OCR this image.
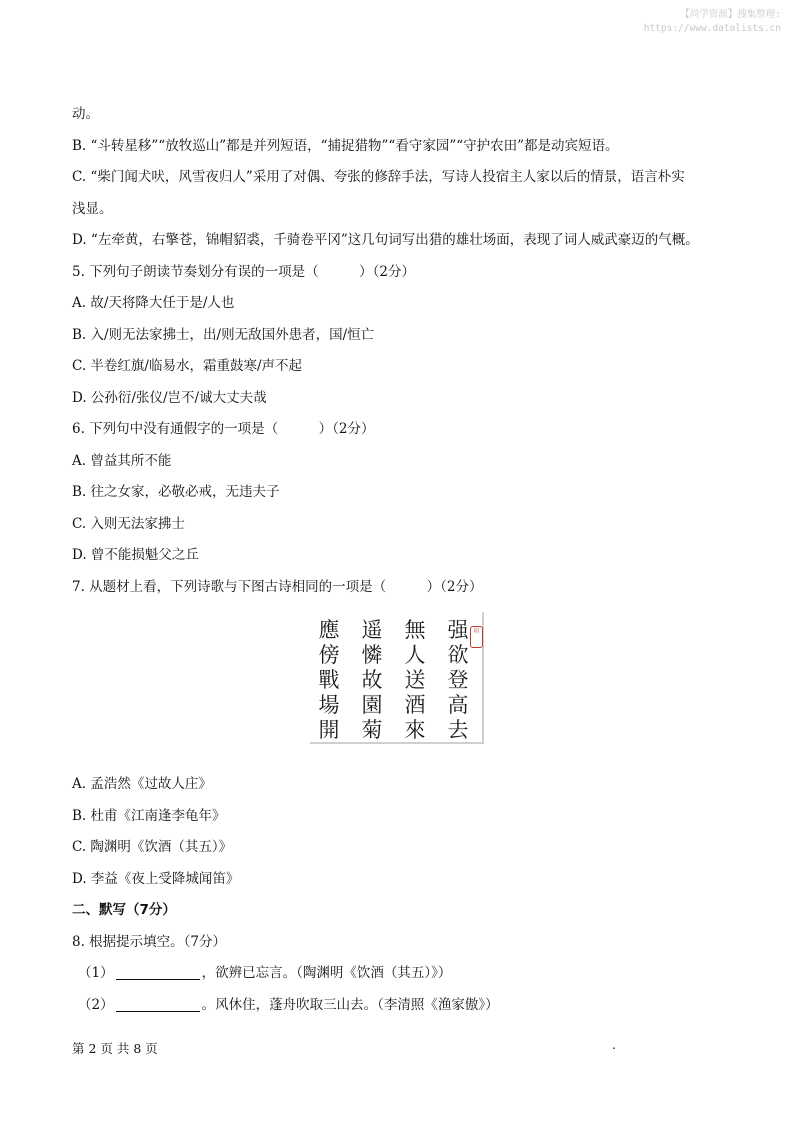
【尚学资源】搜集整理:
https://www.datalists.cn
动。
B. “斗转星移”“放牧巡山”都是并列短语，“捕捉猎物”“看守家园”“守护农田”都是动宾短语。
C. “柴门闻犬吠，风雪夜归人”采用了对偶、夸张的修辞手法，写诗人投宿主人家以后的情景，语言朴实
浅显。
D. “左牵黄，右擎苍，锦帽貂裘，千骑卷平冈”这几句词写出猎的雄壮场面，表现了词人威武豪迈的气概。
5. 下列句子朗读节奏划分有误的一项是（　　　）（2分）
A. 故/天将降大任于是/人也
B. 入/则无法家拂士，出/则无敌国外患者，国/恒亡
C. 半卷红旗/临易水，霜重鼓寒/声不起
D. 公孙衍/张仪/岂不/诚大丈夫哉
6. 下列句中没有通假字的一项是（　　　）（2分）
A. 曾益其所不能
B. 往之女家，必敬必戒，无违夫子
C. 入则无法家拂士
D. 曾不能损魁父之丘
7. 从题材上看，下列诗歌与下图古诗相同的一项是（　　　）（2分）
A. 孟浩然《过故人庄》
B. 杜甫《江南逢李龟年》
C. 陶渊明《饮酒（其五）》
D. 李益《夜上受降城闻笛》
二、默写（7分）
8. 根据提示填空。（7分）
（1）	，欲辨已忘言。（陶渊明《饮酒（其五）》）
（2）	。风休住，蓬舟吹取三山去。（李清照《渔家傲》）
應
傍
戰
場
開
遥
憐
故
園
菊
無
人
送
酒
來
强
欲
登
高
去
印
第 2 页 共 8 页	.
